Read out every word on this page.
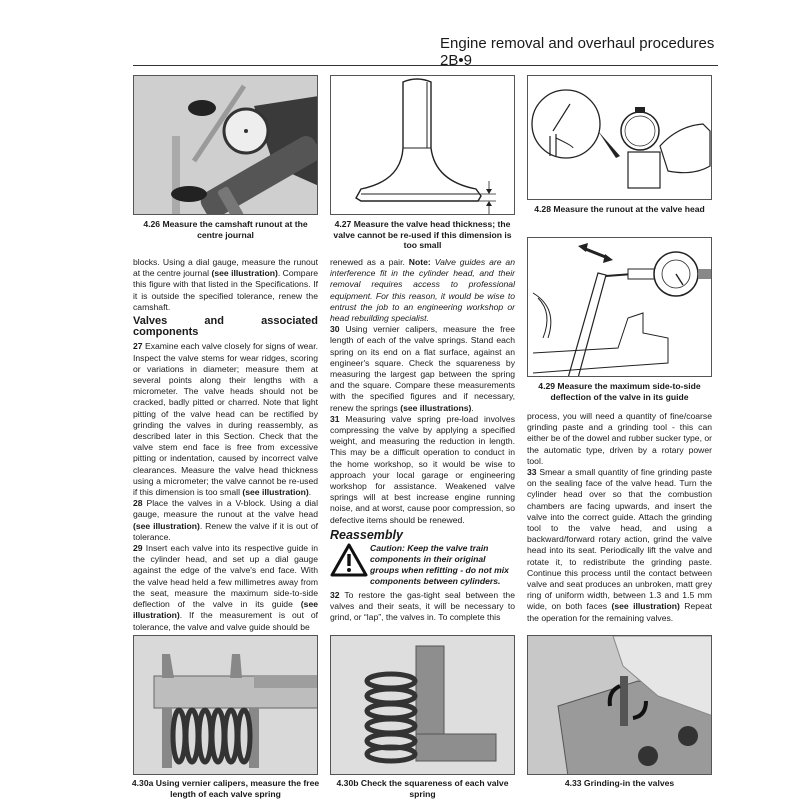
Engine removal and overhaul procedures  2B•9
4.26 Measure the camshaft runout at the centre journal
4.27 Measure the valve head thickness; the valve cannot be re-used if this dimension is too small
4.28 Measure the runout at the valve head
4.29 Measure the maximum side-to-side deflection of the valve in its guide

blocks. Using a dial gauge, measure the runout at the centre journal (see illustration). Compare this figure with that listed in the Specifications. If it is outside the specified tolerance, renew the camshaft.

Valves and associated components

27 Examine each valve closely for signs of wear. Inspect the valve stems for wear ridges, scoring or variations in diameter; measure them at several points along their lengths with a micrometer. The valve heads should not be cracked, badly pitted or charred. Note that light pitting of the valve head can be rectified by grinding the valves in during reassembly, as described later in this Section. Check that the valve stem end face is free from excessive pitting or indentation, caused by incorrect valve clearances. Measure the valve head thickness using a micrometer; the valve cannot be re-used if this dimension is too small (see illustration).

28 Place the valves in a V-block. Using a dial gauge, measure the runout at the valve head (see illustration). Renew the valve if it is out of tolerance.

29 Insert each valve into its respective guide in the cylinder head, and set up a dial gauge against the edge of the valve's end face. With the valve head held a few millimetres away from the seat, measure the maximum side-to-side deflection of the valve in its guide (see illustration). If the measurement is out of tolerance, the valve and valve guide should be

renewed as a pair. Note: Valve guides are an interference fit in the cylinder head, and their removal requires access to professional equipment. For this reason, it would be wise to entrust the job to an engineering workshop or head rebuilding specialist.

30 Using vernier calipers, measure the free length of each of the valve springs. Stand each spring on its end on a flat surface, against an engineer's square. Check the squareness by measuring the largest gap between the spring and the square. Compare these measurements with the specified figures and if necessary, renew the springs (see illustrations).

31 Measuring valve spring pre-load involves compressing the valve by applying a specified weight, and measuring the reduction in length. This may be a difficult operation to conduct in the home workshop, so it would be wise to approach your local garage or engineering workshop for assistance. Weakened valve springs will at best increase engine running noise, and at worst, cause poor compression, so defective items should be renewed.

Reassembly
Caution: Keep the valve train components in their original groups when refitting - do not mix components between cylinders.

32 To restore the gas-tight seal between the valves and their seats, it will be necessary to grind, or “lap”, the valves in. To complete this

process, you will need a quantity of fine/coarse grinding paste and a grinding tool - this can either be of the dowel and rubber sucker type, or the automatic type, driven by a rotary power tool.

33 Smear a small quantity of fine grinding paste on the sealing face of the valve head. Turn the cylinder head over so that the combustion chambers are facing upwards, and insert the valve into the correct guide. Attach the grinding tool to the valve head, and using a backward/forward rotary action, grind the valve head into its seat. Periodically lift the valve and rotate it, to redistribute the grinding paste. Continue this process until the contact between valve and seat produces an unbroken, matt grey ring of uniform width, between 1.3 and 1.5 mm wide, on both faces (see illustration) Repeat the operation for the remaining valves.

4.30a Using vernier calipers, measure the free length of each valve spring
4.30b Check the squareness of each valve spring
4.33 Grinding-in the valves
